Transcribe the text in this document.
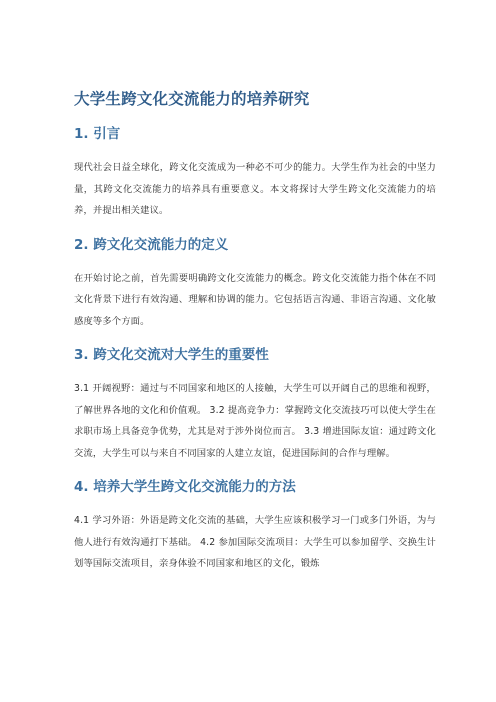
大学生跨文化交流能力的培养研究
1. 引言

现代社会日益全球化，跨文化交流成为一种必不可少的能力。大学生作为社会的中坚力量，其跨文化交流能力的培养具有重要意义。本文将探讨大学生跨文化交流能力的培养，并提出相关建议。

2. 跨文化交流能力的定义

在开始讨论之前，首先需要明确跨文化交流能力的概念。跨文化交流能力指个体在不同文化背景下进行有效沟通、理解和协调的能力。它包括语言沟通、非语言沟通、文化敏感度等多个方面。

3. 跨文化交流对大学生的重要性

3.1 开阔视野：通过与不同国家和地区的人接触，大学生可以开阔自己的思维和视野，了解世界各地的文化和价值观。 3.2 提高竞争力：掌握跨文化交流技巧可以使大学生在求职市场上具备竞争优势，尤其是对于涉外岗位而言。 3.3 增进国际友谊：通过跨文化交流，大学生可以与来自不同国家的人建立友谊，促进国际间的合作与理解。

4. 培养大学生跨文化交流能力的方法

4.1 学习外语：外语是跨文化交流的基础，大学生应该积极学习一门或多门外语，为与他人进行有效沟通打下基础。 4.2 参加国际交流项目：大学生可以参加留学、交换生计划等国际交流项目，亲身体验不同国家和地区的文化，锻炼
